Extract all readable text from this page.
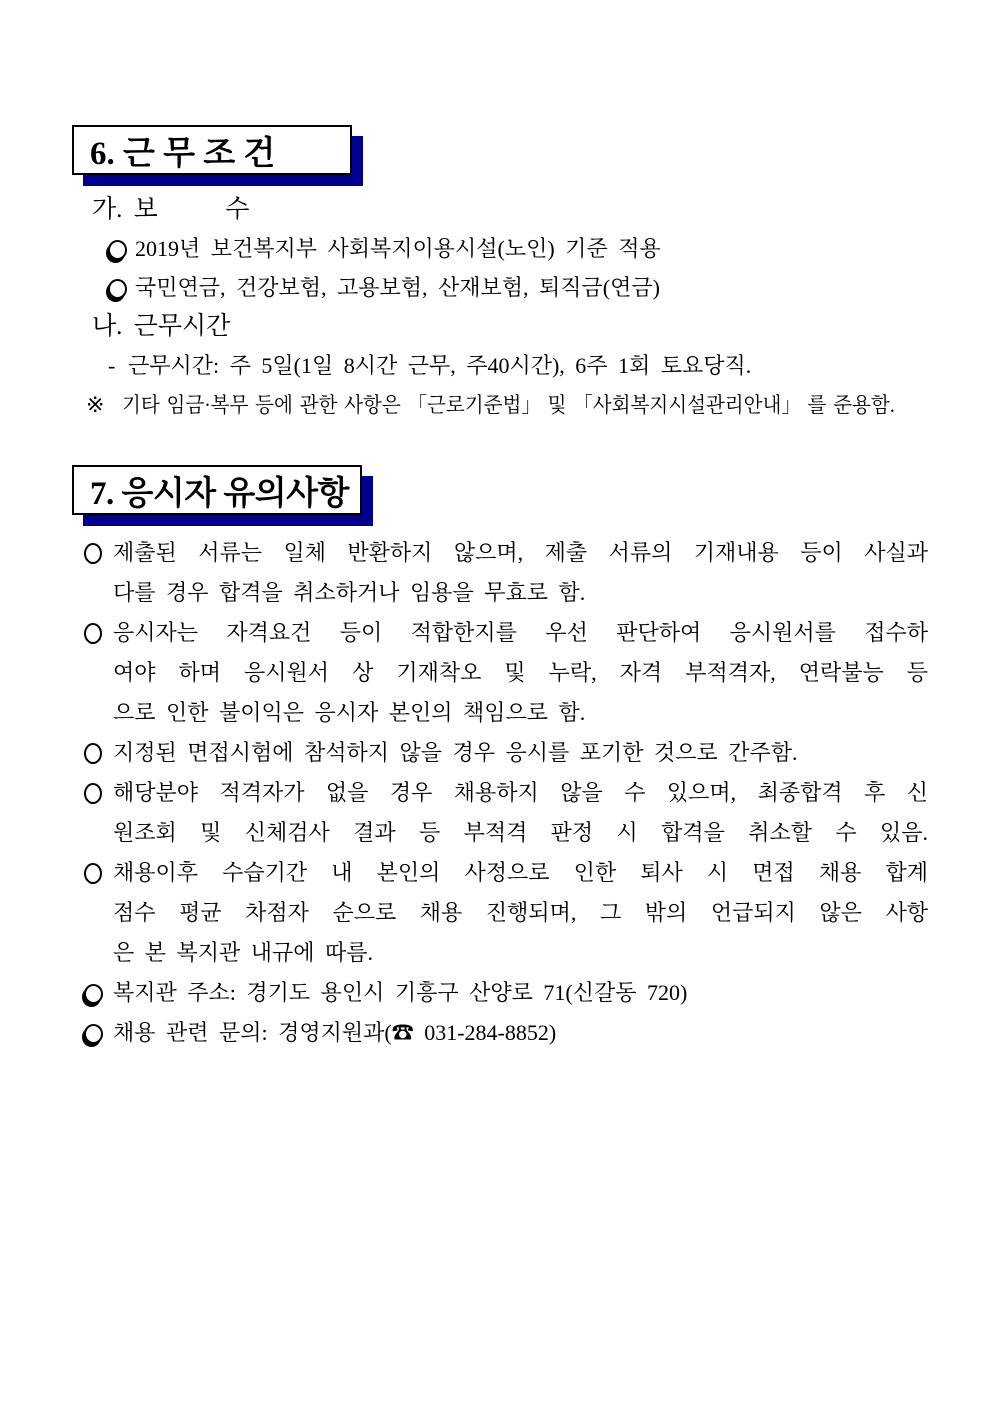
6. 근 무 조 건
가. 보      수
2019년 보건복지부 사회복지이용시설(노인) 기준 적용
국민연금, 건강보험, 고용보험, 산재보험, 퇴직금(연금)
나. 근무시간
- 근무시간: 주 5일(1일 8시간 근무, 주40시간), 6주 1회 토요당직.
※ 기타 임금·복무 등에 관한 사항은 「근로기준법」 및 「사회복지시설관리안내」 를 준용함.
7. 응시자 유의사항
제출된 서류는 일체 반환하지 않으며, 제출 서류의 기재내용 등이 사실과
다를 경우 합격을 취소하거나 임용을 무효로 함.
응시자는 자격요건 등이 적합한지를 우선 판단하여 응시원서를 접수하
여야 하며 응시원서 상 기재착오 및 누락, 자격 부적격자, 연락불능 등
으로 인한 불이익은 응시자 본인의 책임으로 함.
지정된 면접시험에 참석하지 않을 경우 응시를 포기한 것으로 간주함.
해당분야 적격자가 없을 경우 채용하지 않을 수 있으며, 최종합격 후 신
원조회 및 신체검사 결과 등 부적격 판정 시 합격을 취소할 수 있음.
채용이후 수습기간 내 본인의 사정으로 인한 퇴사 시 면접 채용 합계
점수 평균 차점자 순으로 채용 진행되며, 그 밖의 언급되지 않은 사항
은 본 복지관 내규에 따름.
복지관 주소: 경기도 용인시 기흥구 산양로 71(신갈동 720)
채용 관련 문의: 경영지원과(☎ 031-284-8852)
